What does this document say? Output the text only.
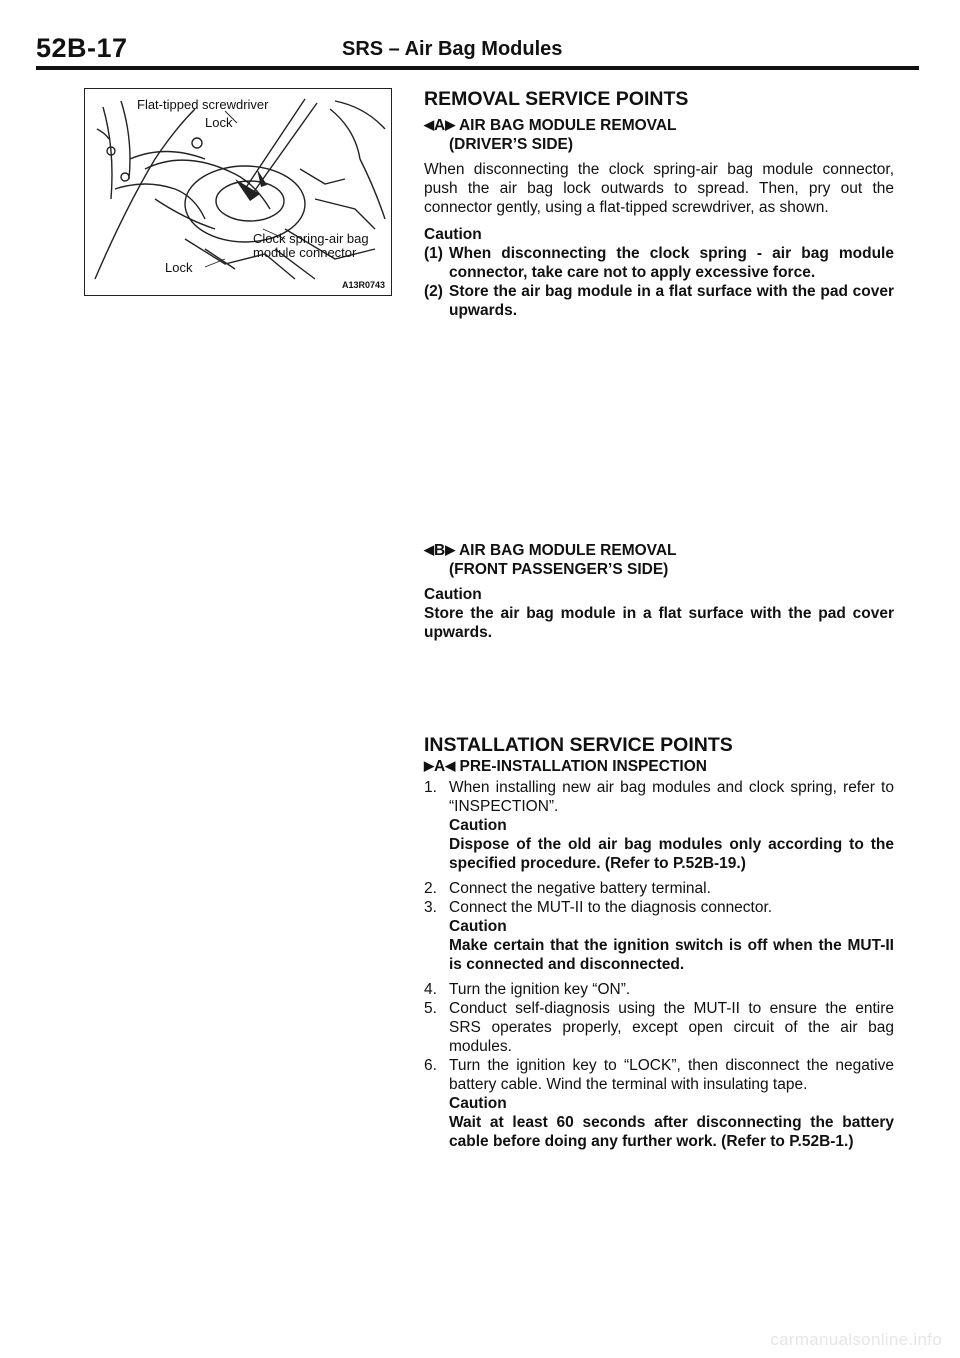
52B-17	SRS – Air Bag Modules
Flat-tipped screwdriver
Lock
Clock spring-air bag
module connector
Lock
A13R0743
REMOVAL SERVICE POINTS
◀A▶ AIR BAG MODULE REMOVAL
(DRIVER’S SIDE)
When disconnecting the clock spring-air bag module connector, push the air bag lock outwards to spread. Then, pry out the connector gently, using a flat-tipped screwdriver, as shown.
Caution
(1) When disconnecting the clock spring - air bag module connector, take care not to apply excessive force.
(2) Store the air bag module in a flat surface with the pad cover upwards.
◀B▶ AIR BAG MODULE REMOVAL
(FRONT PASSENGER’S SIDE)
Caution
Store the air bag module in a flat surface with the pad cover upwards.
INSTALLATION SERVICE POINTS
▶A◀ PRE-INSTALLATION INSPECTION
1. When installing new air bag modules and clock spring, refer to “INSPECTION”.
Caution
Dispose of the old air bag modules only according to the specified procedure. (Refer to P.52B-19.)
2. Connect the negative battery terminal.
3. Connect the MUT-II to the diagnosis connector.
Caution
Make certain that the ignition switch is off when the MUT-II is connected and disconnected.
4. Turn the ignition key “ON”.
5. Conduct self-diagnosis using the MUT-II to ensure the entire SRS operates properly, except open circuit of the air bag modules.
6. Turn the ignition key to “LOCK”, then disconnect the negative battery cable. Wind the terminal with insulating tape.
Caution
Wait at least 60 seconds after disconnecting the battery cable before doing any further work. (Refer to P.52B-1.)
carmanualsonline.info
